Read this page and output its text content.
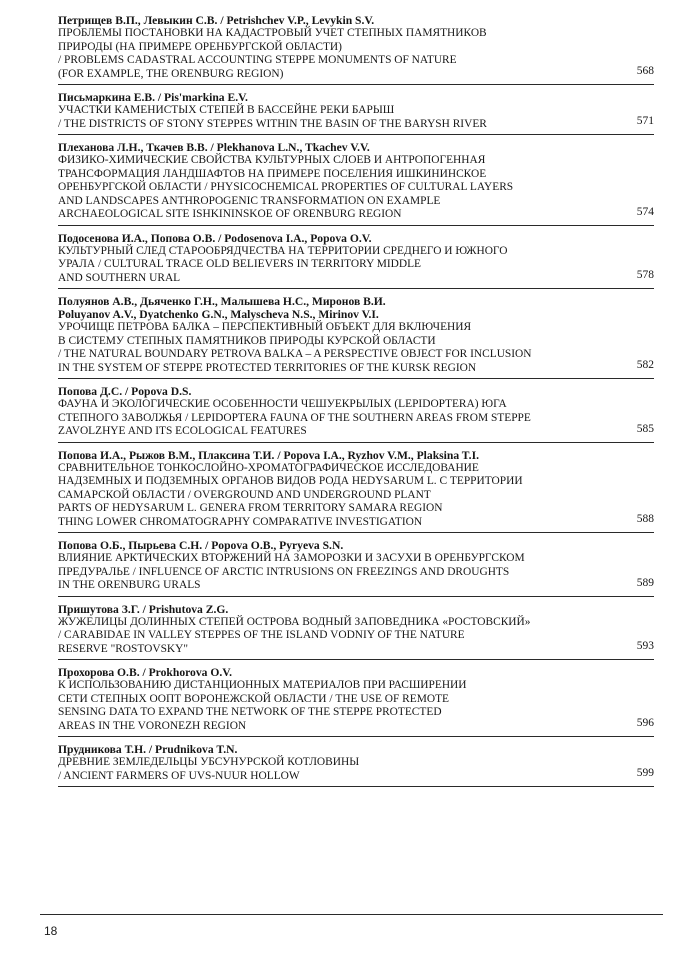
Петрищев В.П., Левыкин С.В. / Petrishchev V.P., Levykin S.V.
ПРОБЛЕМЫ ПОСТАНОВКИ НА КАДАСТРОВЫЙ УЧЕТ СТЕПНЫХ ПАМЯТНИКОВ
ПРИРОДЫ (НА ПРИМЕРЕ ОРЕНБУРГСКОЙ ОБЛАСТИ)
/ PROBLEMS CADASTRAL ACCOUNTING STEPPE MONUMENTS OF NATURE
(FOR EXAMPLE, THE ORENBURG REGION)	568
Письмаркина Е.В. / Pis'markina E.V.
УЧАСТКИ КАМЕНИСТЫХ СТЕПЕЙ В БАССЕЙНЕ РЕКИ БАРЫШ
/ THE DISTRICTS OF STONY STEPPES WITHIN THE BASIN OF THE BARYSH RIVER	571
Плеханова Л.Н., Ткачев В.В. / Plekhanova L.N., Tkachev V.V.
ФИЗИКО-ХИМИЧЕСКИЕ СВОЙСТВА КУЛЬТУРНЫХ СЛОЕВ И АНТРОПОГЕННАЯ
ТРАНСФОРМАЦИЯ ЛАНДШАФТОВ НА ПРИМЕРЕ ПОСЕЛЕНИЯ ИШКИНИНСКОЕ
ОРЕНБУРГСКОЙ ОБЛАСТИ / PHYSICOCHEMICAL PROPERTIES OF CULTURAL LAYERS
AND LANDSCAPES ANTHROPOGENIC TRANSFORMATION ON EXAMPLE
ARCHAEOLOGICAL SITE ISHKININSKOE OF ORENBURG REGION	574
Подосенова И.А., Попова О.В. / Podosenova I.A., Popova O.V.
КУЛЬТУРНЫЙ СЛЕД СТАРООБРЯДЧЕСТВА НА ТЕРРИТОРИИ СРЕДНЕГО И ЮЖНОГО
УРАЛА / CULTURAL TRACE OLD BELIEVERS IN TERRITORY MIDDLE
AND SOUTHERN URAL	578
Полуянов А.В., Дьяченко Г.Н., Малышева Н.С., Миронов В.И.
Poluyanov A.V., Dyatchenko G.N., Malyscheva N.S., Mirinov V.I.
УРОЧИЩЕ ПЕТРОВА БАЛКА – ПЕРСПЕКТИВНЫЙ ОБЪЕКТ ДЛЯ ВКЛЮЧЕНИЯ
В СИСТЕМУ СТЕПНЫХ ПАМЯТНИКОВ ПРИРОДЫ КУРСКОЙ ОБЛАСТИ
/ THE NATURAL BOUNDARY PETROVA BALKA – A PERSPECTIVE OBJECT FOR INCLUSION
IN THE SYSTEM OF STEPPE PROTECTED TERRITORIES OF THE KURSK REGION	582
Попова Д.С. / Popova D.S.
ФАУНА И ЭКОЛОГИЧЕСКИЕ ОСОБЕННОСТИ ЧЕШУЕКРЫЛЫХ (LEPIDOPTERA) ЮГА
СТЕПНОГО ЗАВОЛЖЬЯ / LEPIDOPTERA FAUNA OF THE SOUTHERN AREAS FROM STEPPE
ZAVOLZHYE AND ITS ECOLOGICAL FEATURES	585
Попова И.А., Рыжов В.М., Плаксина Т.И. / Popova I.A., Ryzhov V.M., Plaksina T.I.
СРАВНИТЕЛЬНОЕ ТОНКОСЛОЙНО-ХРОМАТОГРАФИЧЕСКОЕ ИССЛЕДОВАНИЕ
НАДЗЕМНЫХ И ПОДЗЕМНЫХ ОРГАНОВ ВИДОВ РОДА HEDYSARUM L. С ТЕРРИТОРИИ
САМАРСКОЙ ОБЛАСТИ / OVERGROUND AND UNDERGROUND PLANT
PARTS OF HEDYSARUM L. GENERA FROM TERRITORY SAMARA REGION
THING LOWER CHROMATOGRAPHY COMPARATIVE INVESTIGATION	588
Попова О.Б., Пырьева С.Н. / Popova O.B., Pyryeva S.N.
ВЛИЯНИЕ АРКТИЧЕСКИХ ВТОРЖЕНИЙ НА ЗАМОРОЗКИ И ЗАСУХИ В ОРЕНБУРГСКОМ
ПРЕДУРАЛЬЕ / INFLUENCE OF ARCTIC INTRUSIONS ON FREEZINGS AND DROUGHTS
IN THE ORENBURG URALS	589
Пришутова З.Г. / Prishutova Z.G.
ЖУЖЕЛИЦЫ ДОЛИННЫХ СТЕПЕЙ ОСТРОВА ВОДНЫЙ ЗАПОВЕДНИКА «РОСТОВСКИЙ»
/ CARABIDAE IN VALLEY STEPPES OF THE ISLAND VODNIY OF THE NATURE
RESERVE "ROSTOVSKY"	593
Прохорова О.В. / Prokhorova O.V.
К ИСПОЛЬЗОВАНИЮ ДИСТАНЦИОННЫХ МАТЕРИАЛОВ ПРИ РАСШИРЕНИИ
СЕТИ СТЕПНЫХ ООПТ ВОРОНЕЖСКОЙ ОБЛАСТИ / THE USE OF REMOTE
SENSING DATA TO EXPAND THE NETWORK OF THE STEPPE PROTECTED
AREAS IN THE VORONEZH REGION	596
Прудникова Т.Н. / Prudnikova T.N.
ДРЕВНИЕ ЗЕМЛЕДЕЛЬЦЫ УБСУНУРСКОЙ КОТЛОВИНЫ
/ ANCIENT FARMERS OF UVS-NUUR HOLLOW	599
18
